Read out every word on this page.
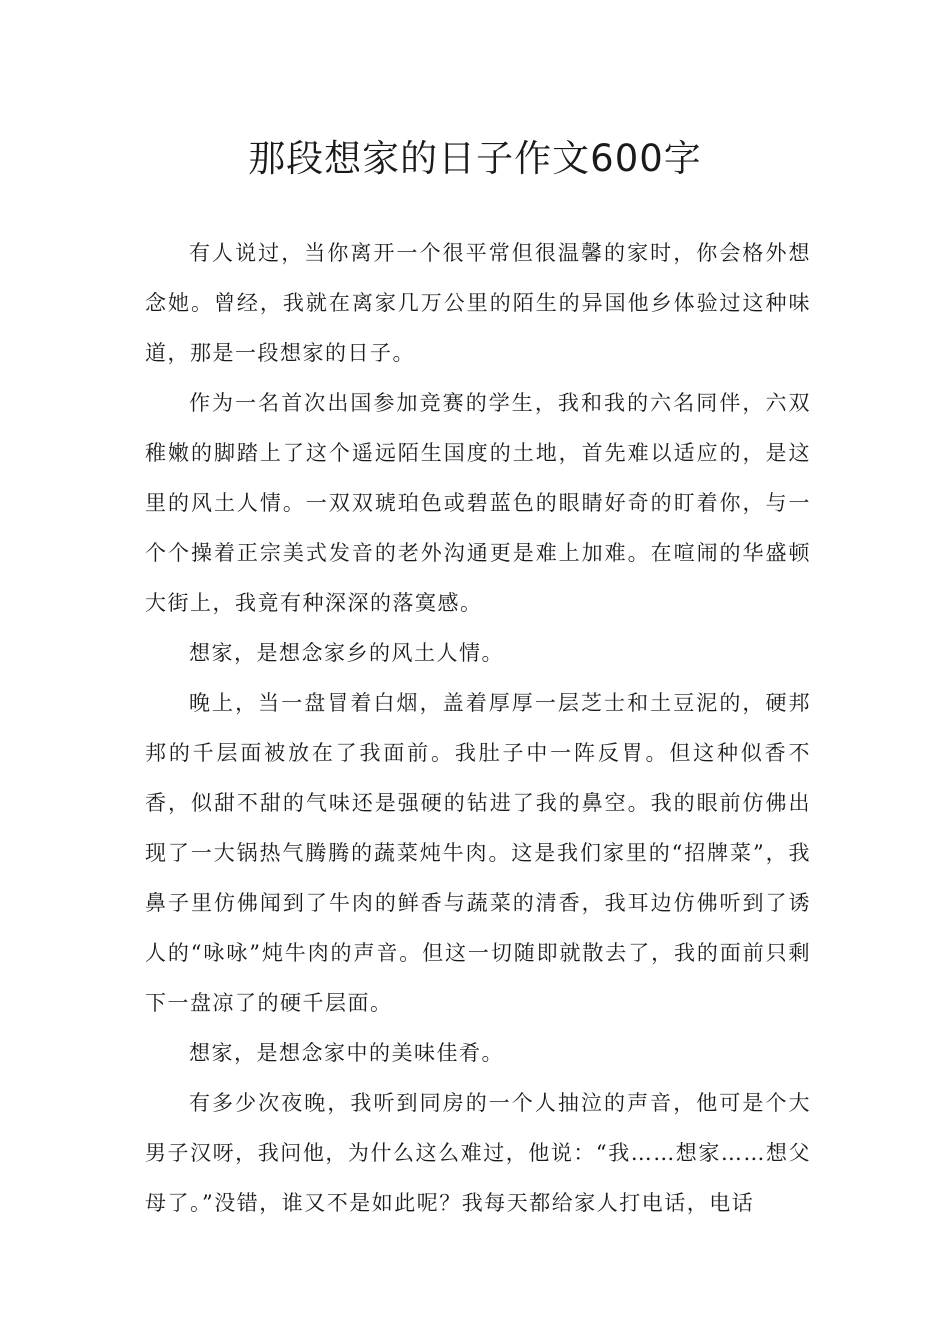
那段想家的日子作文600字

有人说过，当你离开一个很平常但很温馨的家时，你会格外想念她。曾经，我就在离家几万公里的陌生的异国他乡体验过这种味道，那是一段想家的日子。

作为一名首次出国参加竞赛的学生，我和我的六名同伴，六双稚嫩的脚踏上了这个遥远陌生国度的土地，首先难以适应的，是这里的风土人情。一双双琥珀色或碧蓝色的眼睛好奇的盯着你，与一个个操着正宗美式发音的老外沟通更是难上加难。在喧闹的华盛顿大街上，我竟有种深深的落寞感。

想家，是想念家乡的风土人情。

晚上，当一盘冒着白烟，盖着厚厚一层芝士和土豆泥的，硬邦邦的千层面被放在了我面前。我肚子中一阵反胃。但这种似香不香，似甜不甜的气味还是强硬的钻进了我的鼻空。我的眼前仿佛出现了一大锅热气腾腾的蔬菜炖牛肉。这是我们家里的“招牌菜”，我鼻子里仿佛闻到了牛肉的鲜香与蔬菜的清香，我耳边仿佛听到了诱人的“咏咏”炖牛肉的声音。但这一切随即就散去了，我的面前只剩下一盘凉了的硬千层面。

想家，是想念家中的美味佳肴。

有多少次夜晚，我听到同房的一个人抽泣的声音，他可是个大男子汉呀，我问他，为什么这么难过，他说：“我……想家……想父母了。”没错，谁又不是如此呢？我每天都给家人打电话，电话
